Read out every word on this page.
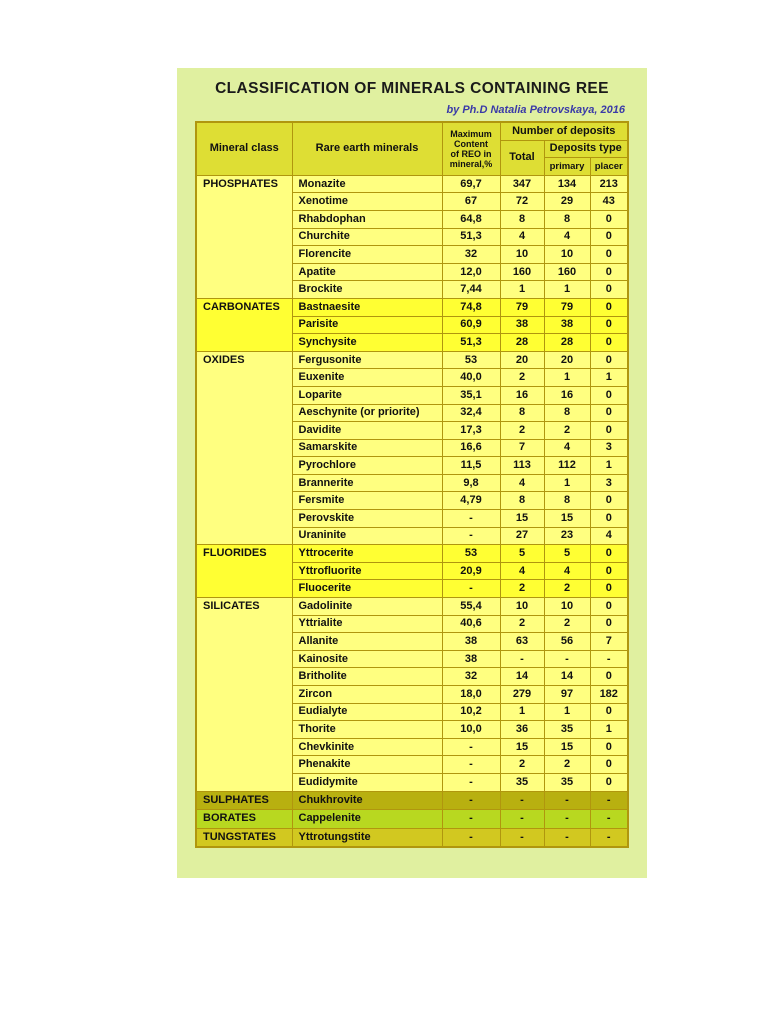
CLASSIFICATION OF MINERALS CONTAINING REE
by Ph.D Natalia Petrovskaya, 2016
Mineral class	Rare earth minerals	Maximum
Content
of REO in
mineral,%	Number of deposits		
			Total	Deposits type	
				primary	placer
PHOSPHATES	Monazite	69,7	347	134	213
	Xenotime	67	72	29	43
	Rhabdophan	64,8	8	8	0
	Churchite	51,3	4	4	0
	Florencite	32	10	10	0
	Apatite	12,0	160	160	0
	Brockite	7,44	1	1	0
CARBONATES	Bastnaesite	74,8	79	79	0
	Parisite	60,9	38	38	0
	Synchysite	51,3	28	28	0
OXIDES	Fergusonite	53	20	20	0
	Euxenite	40,0	2	1	1
	Loparite	35,1	16	16	0
	Aeschynite (or priorite)	32,4	8	8	0
	Davidite	17,3	2	2	0
	Samarskite	16,6	7	4	3
	Pyrochlore	11,5	113	112	1
	Brannerite	9,8	4	1	3
	Fersmite	4,79	8	8	0
	Perovskite	-	15	15	0
	Uraninite	-	27	23	4
FLUORIDES	Yttrocerite	53	5	5	0
	Yttrofluorite	20,9	4	4	0
	Fluocerite	-	2	2	0
SILICATES	Gadolinite	55,4	10	10	0
	Yttrialite	40,6	2	2	0
	Allanite	38	63	56	7
	Kainosite	38	-	-	-
	Britholite	32	14	14	0
	Zircon	18,0	279	97	182
	Eudialyte	10,2	1	1	0
	Thorite	10,0	36	35	1
	Chevkinite	-	15	15	0
	Phenakite	-	2	2	0
	Eudidymite	-	35	35	0
SULPHATES	Chukhrovite	-	-	-	-
BORATES	Cappelenite	-	-	-	-
TUNGSTATES	Yttrotungstite	-	-	-	-
